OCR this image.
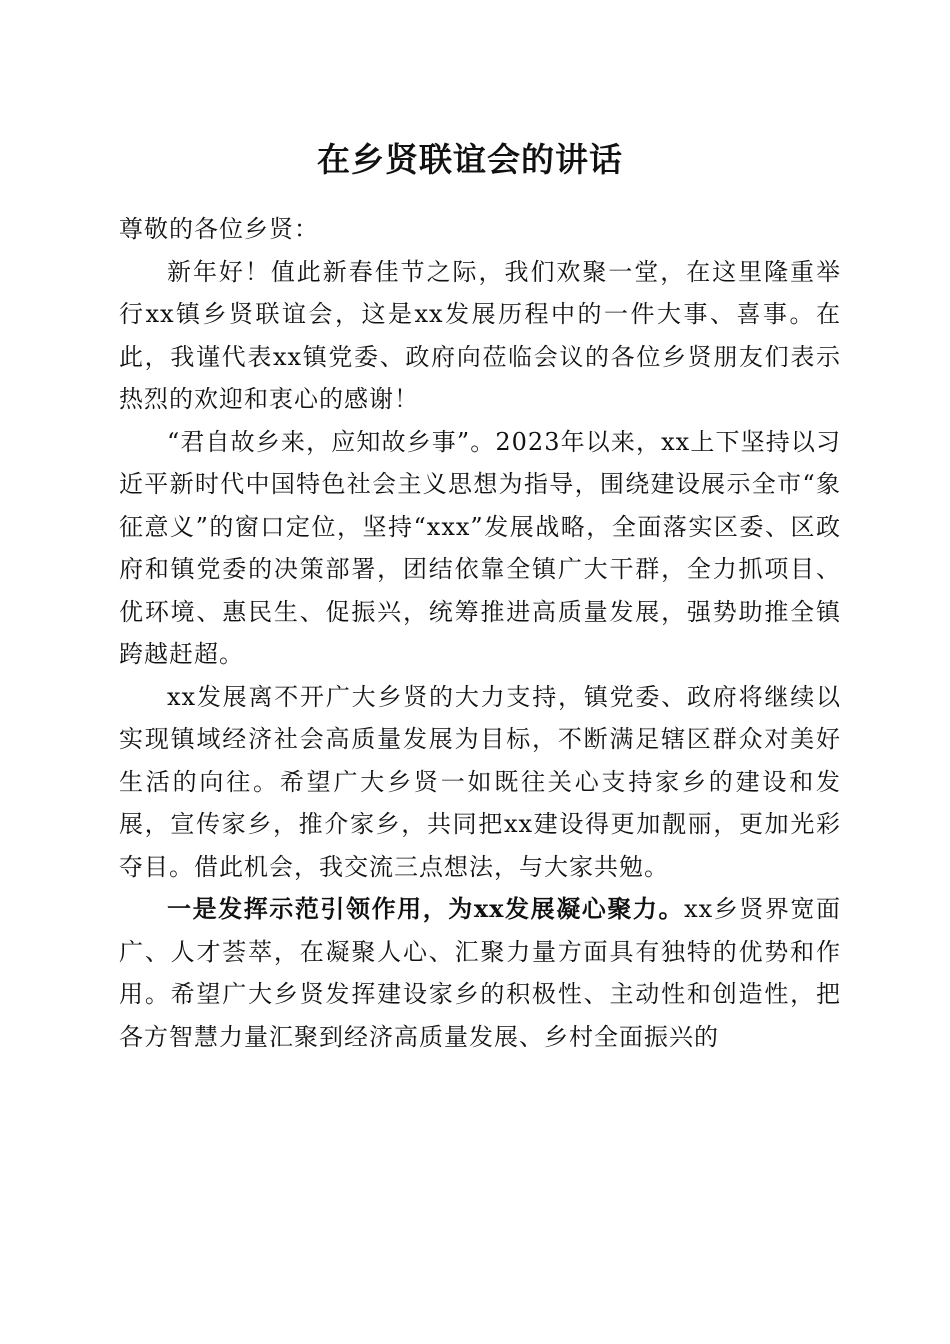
在乡贤联谊会的讲话

尊敬的各位乡贤：

新年好！值此新春佳节之际，我们欢聚一堂，在这里隆重举行xx镇乡贤联谊会，这是xx发展历程中的一件大事、喜事。在此，我谨代表xx镇党委、政府向莅临会议的各位乡贤朋友们表示热烈的欢迎和衷心的感谢！

“君自故乡来，应知故乡事”。2023年以来，xx上下坚持以习近平新时代中国特色社会主义思想为指导，围绕建设展示全市“象征意义”的窗口定位，坚持“xxx”发展战略，全面落实区委、区政府和镇党委的决策部署，团结依靠全镇广大干群，全力抓项目、优环境、惠民生、促振兴，统筹推进高质量发展，强势助推全镇跨越赶超。

xx发展离不开广大乡贤的大力支持，镇党委、政府将继续以实现镇域经济社会高质量发展为目标，不断满足辖区群众对美好生活的向往。希望广大乡贤一如既往关心支持家乡的建设和发展，宣传家乡，推介家乡，共同把xx建设得更加靓丽，更加光彩夺目。借此机会，我交流三点想法，与大家共勉。

一是发挥示范引领作用，为xx发展凝心聚力。xx乡贤界宽面广、人才荟萃，在凝聚人心、汇聚力量方面具有独特的优势和作用。希望广大乡贤发挥建设家乡的积极性、主动性和创造性，把各方智慧力量汇聚到经济高质量发展、乡村全面振兴的
